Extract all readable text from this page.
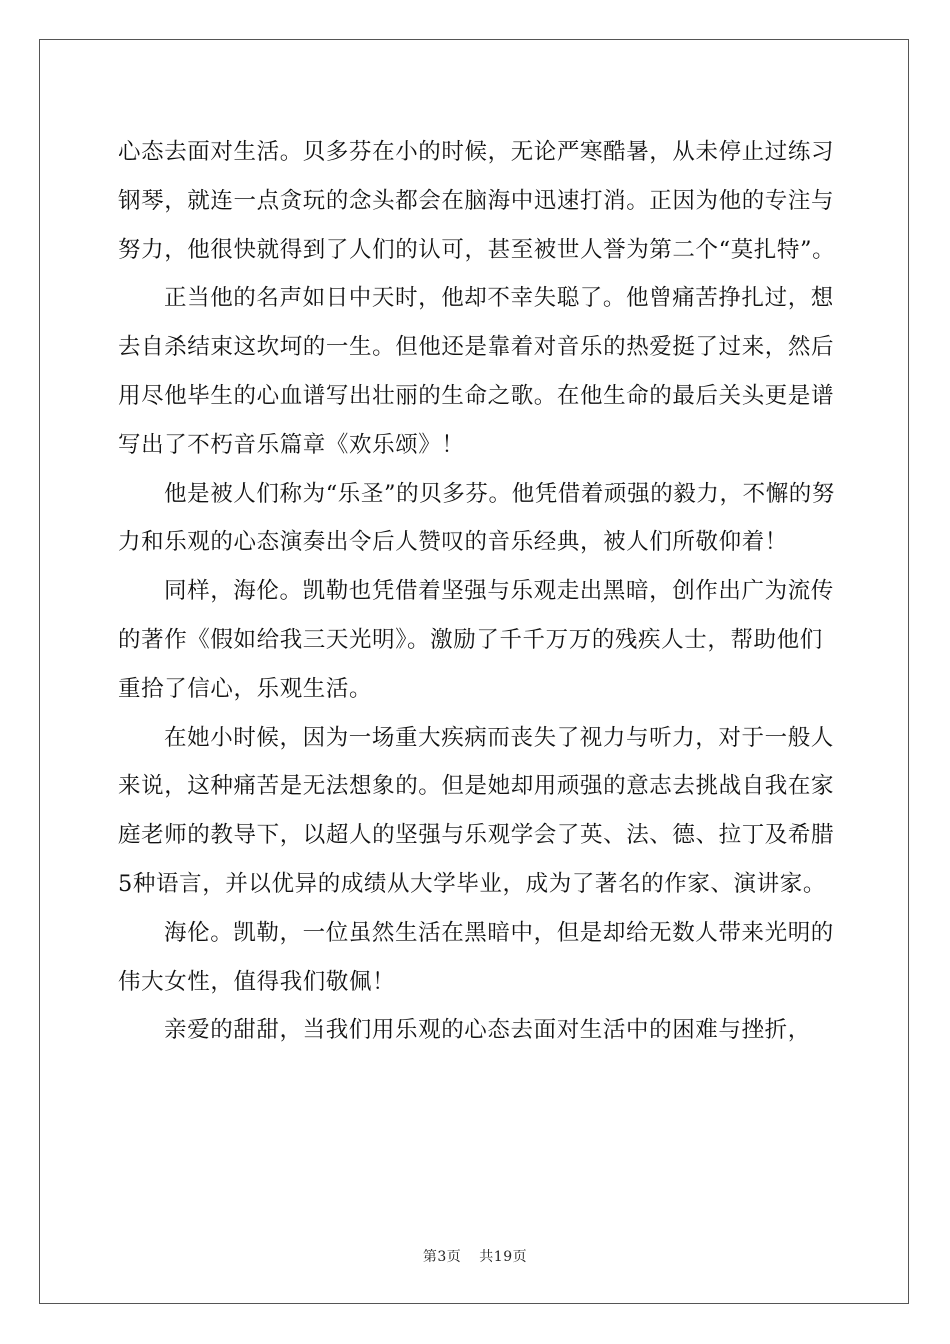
心态去面对生活。贝多芬在小的时候，无论严寒酷暑，从未停止过练习钢琴，就连一点贪玩的念头都会在脑海中迅速打消。正因为他的专注与努力，他很快就得到了人们的认可，甚至被世人誉为第二个“莫扎特”。

正当他的名声如日中天时，他却不幸失聪了。他曾痛苦挣扎过，想去自杀结束这坎坷的一生。但他还是靠着对音乐的热爱挺了过来，然后用尽他毕生的心血谱写出壮丽的生命之歌。在他生命的最后关头更是谱写出了不朽音乐篇章《欢乐颂》！

他是被人们称为“乐圣”的贝多芬。他凭借着顽强的毅力，不懈的努力和乐观的心态演奏出令后人赞叹的音乐经典，被人们所敬仰着！

同样，海伦。凯勒也凭借着坚强与乐观走出黑暗，创作出广为流传的著作《假如给我三天光明》。激励了千千万万的残疾人士，帮助他们重拾了信心，乐观生活。

在她小时候，因为一场重大疾病而丧失了视力与听力，对于一般人来说，这种痛苦是无法想象的。但是她却用顽强的意志去挑战自我在家庭老师的教导下，以超人的坚强与乐观学会了英、法、德、拉丁及希腊5种语言，并以优异的成绩从大学毕业，成为了著名的作家、演讲家。

海伦。凯勒，一位虽然生活在黑暗中，但是却给无数人带来光明的伟大女性，值得我们敬佩！

亲爱的甜甜，当我们用乐观的心态去面对生活中的困难与挫折，

第3页 共19页
